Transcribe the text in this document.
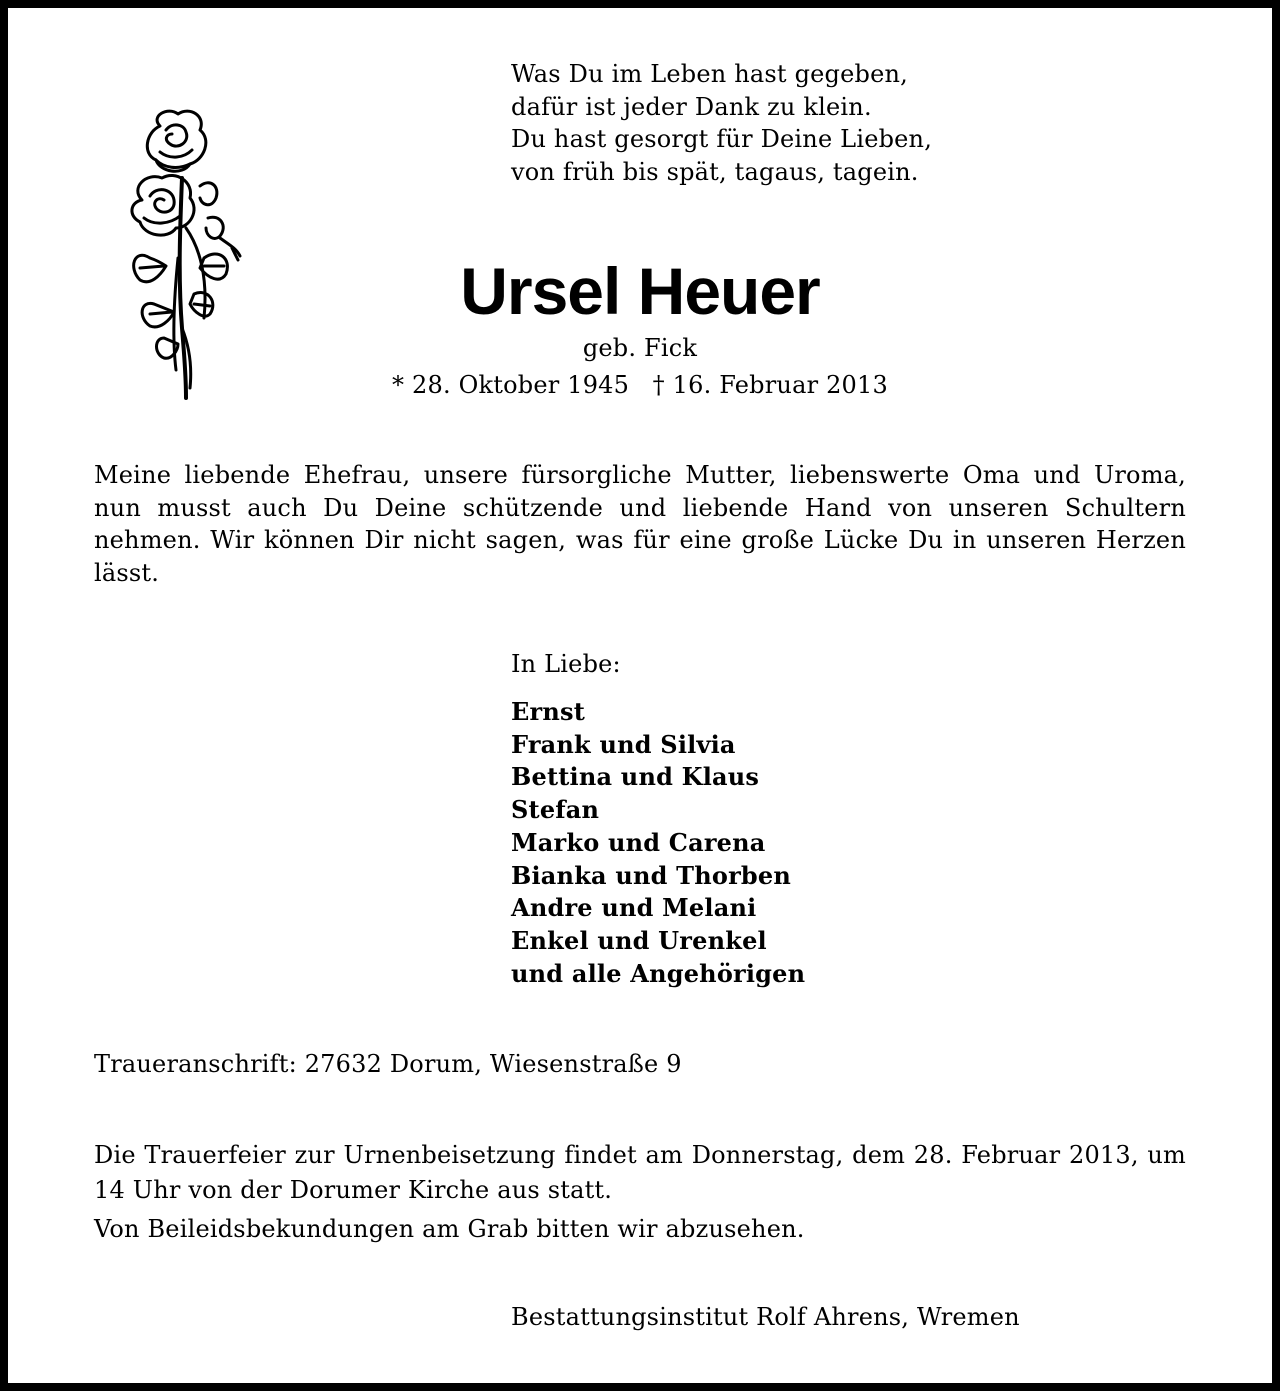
Was Du im Leben hast gegeben,
dafür ist jeder Dank zu klein.
Du hast gesorgt für Deine Lieben,
von früh bis spät, tagaus, tagein.
Ursel Heuer
geb. Fick
* 28. Oktober 1945 † 16. Februar 2013
Meine liebende Ehefrau, unsere fürsorgliche Mutter, liebenswerte Oma und Uroma, nun musst auch Du Deine schützende und liebende Hand von unseren Schultern nehmen. Wir können Dir nicht sagen, was für eine große Lücke Du in unseren Herzen lässt.
In Liebe:
Ernst
Frank und Silvia
Bettina und Klaus
Stefan
Marko und Carena
Bianka und Thorben
Andre und Melani
Enkel und Urenkel
und alle Angehörigen
Traueranschrift: 27632 Dorum, Wiesenstraße 9
Die Trauerfeier zur Urnenbeisetzung findet am Donnerstag, dem 28. Februar 2013, um 14 Uhr von der Dorumer Kirche aus statt.
Von Beileidsbekundungen am Grab bitten wir abzusehen.
Bestattungsinstitut Rolf Ahrens, Wremen
